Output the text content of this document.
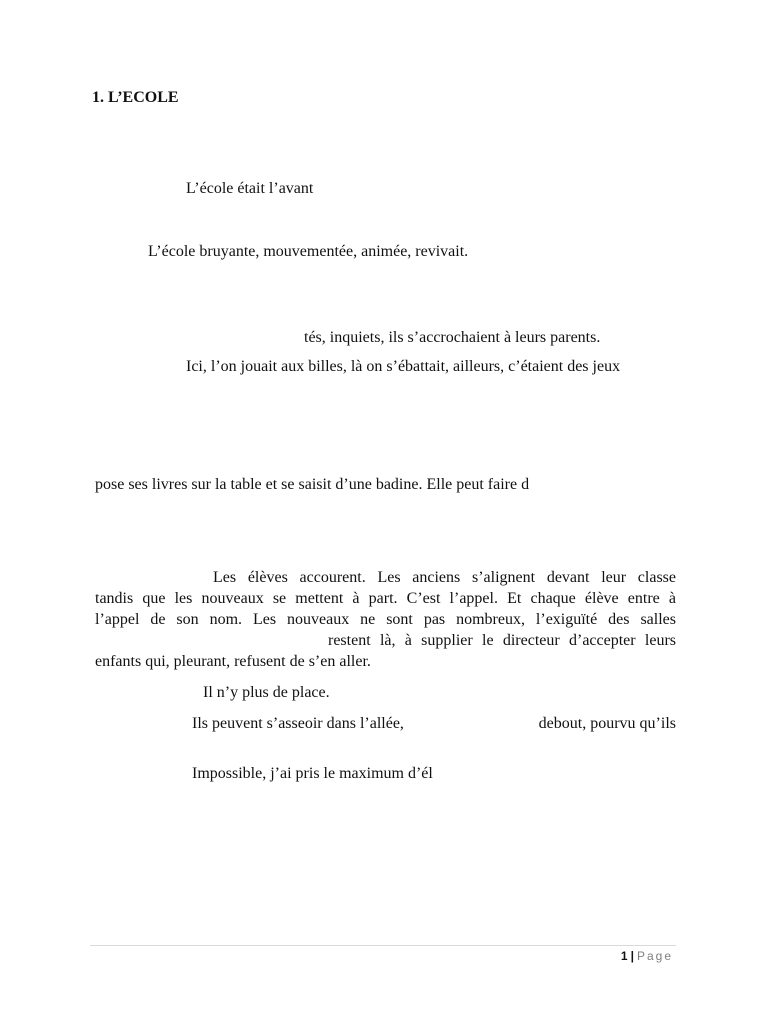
1. L’ECOLE
L’école était l’avant
L’école bruyante, mouvementée, animée, revivait.
tés, inquiets, ils s’accrochaient à leurs parents.
Ici, l’on jouait aux billes, là on s’ébattait, ailleurs, c’étaient des jeux
pose ses livres sur la table et se saisit d’une badine. Elle peut faire d
Les élèves accourent. Les anciens s’alignent devant leur classe
tandis que les nouveaux se mettent à part. C’est l’appel. Et chaque élève entre à
l’appel de son nom. Les nouveaux ne sont pas nombreux, l’exiguïté des salles
restent là, à supplier le directeur d’accepter leurs
enfants qui, pleurant, refusent de s’en aller.
Il n’y plus de place.
Ils peuvent s’asseoir dans l’allée,	debout, pourvu qu’ils
Impossible, j’ai pris le maximum d’él
1 | Page
